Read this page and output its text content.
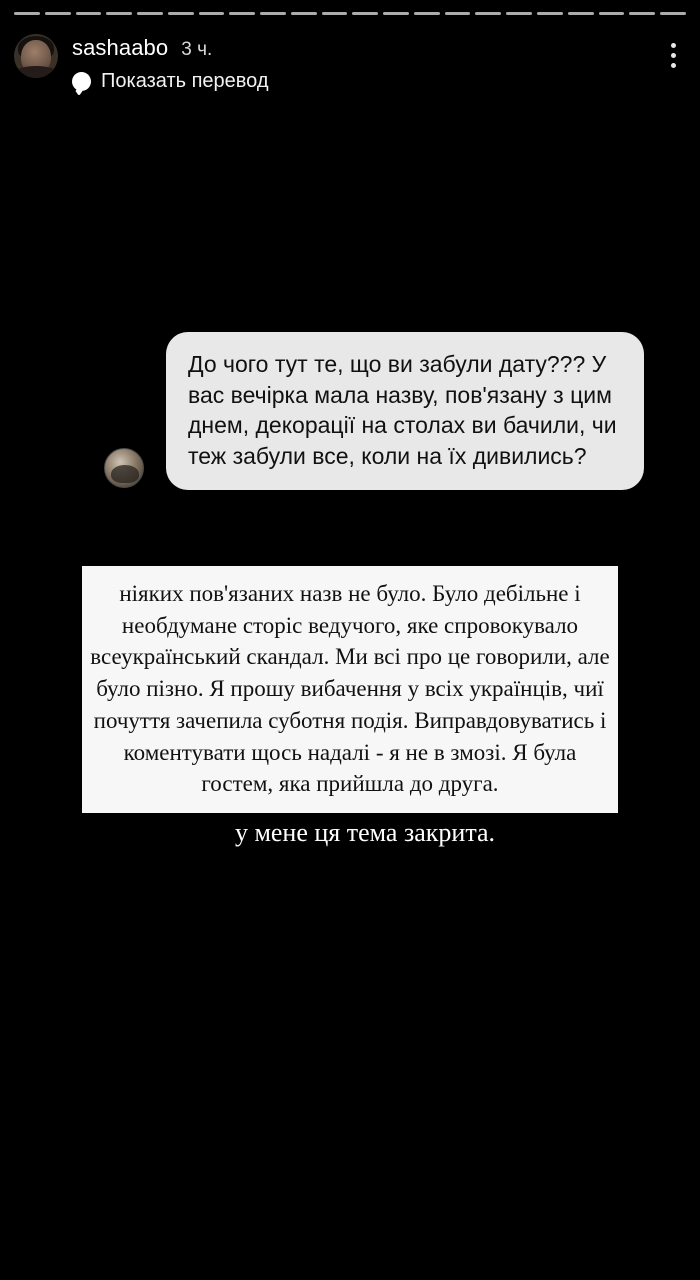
sashaabo 3 ч.
Показать перевод
До чого тут те, що ви забули дату??? У вас вечірка мала назву, пов'язану з цим днем, декорації на столах ви бачили, чи теж забули все, коли на їх дивились?
ніяких пов'язаних назв не було. Було дебільне і необдумане сторіс ведучого, яке спровокувало всеукраїнський скандал. Ми всі про це говорили, але було пізно. Я прошу вибачення у всіх українців, чиї почуття зачепила суботня подія. Виправдовуватись і коментувати щось надалі - я не в змозі. Я була гостем, яка прийшла до друга.
у мене ця тема закрита.
